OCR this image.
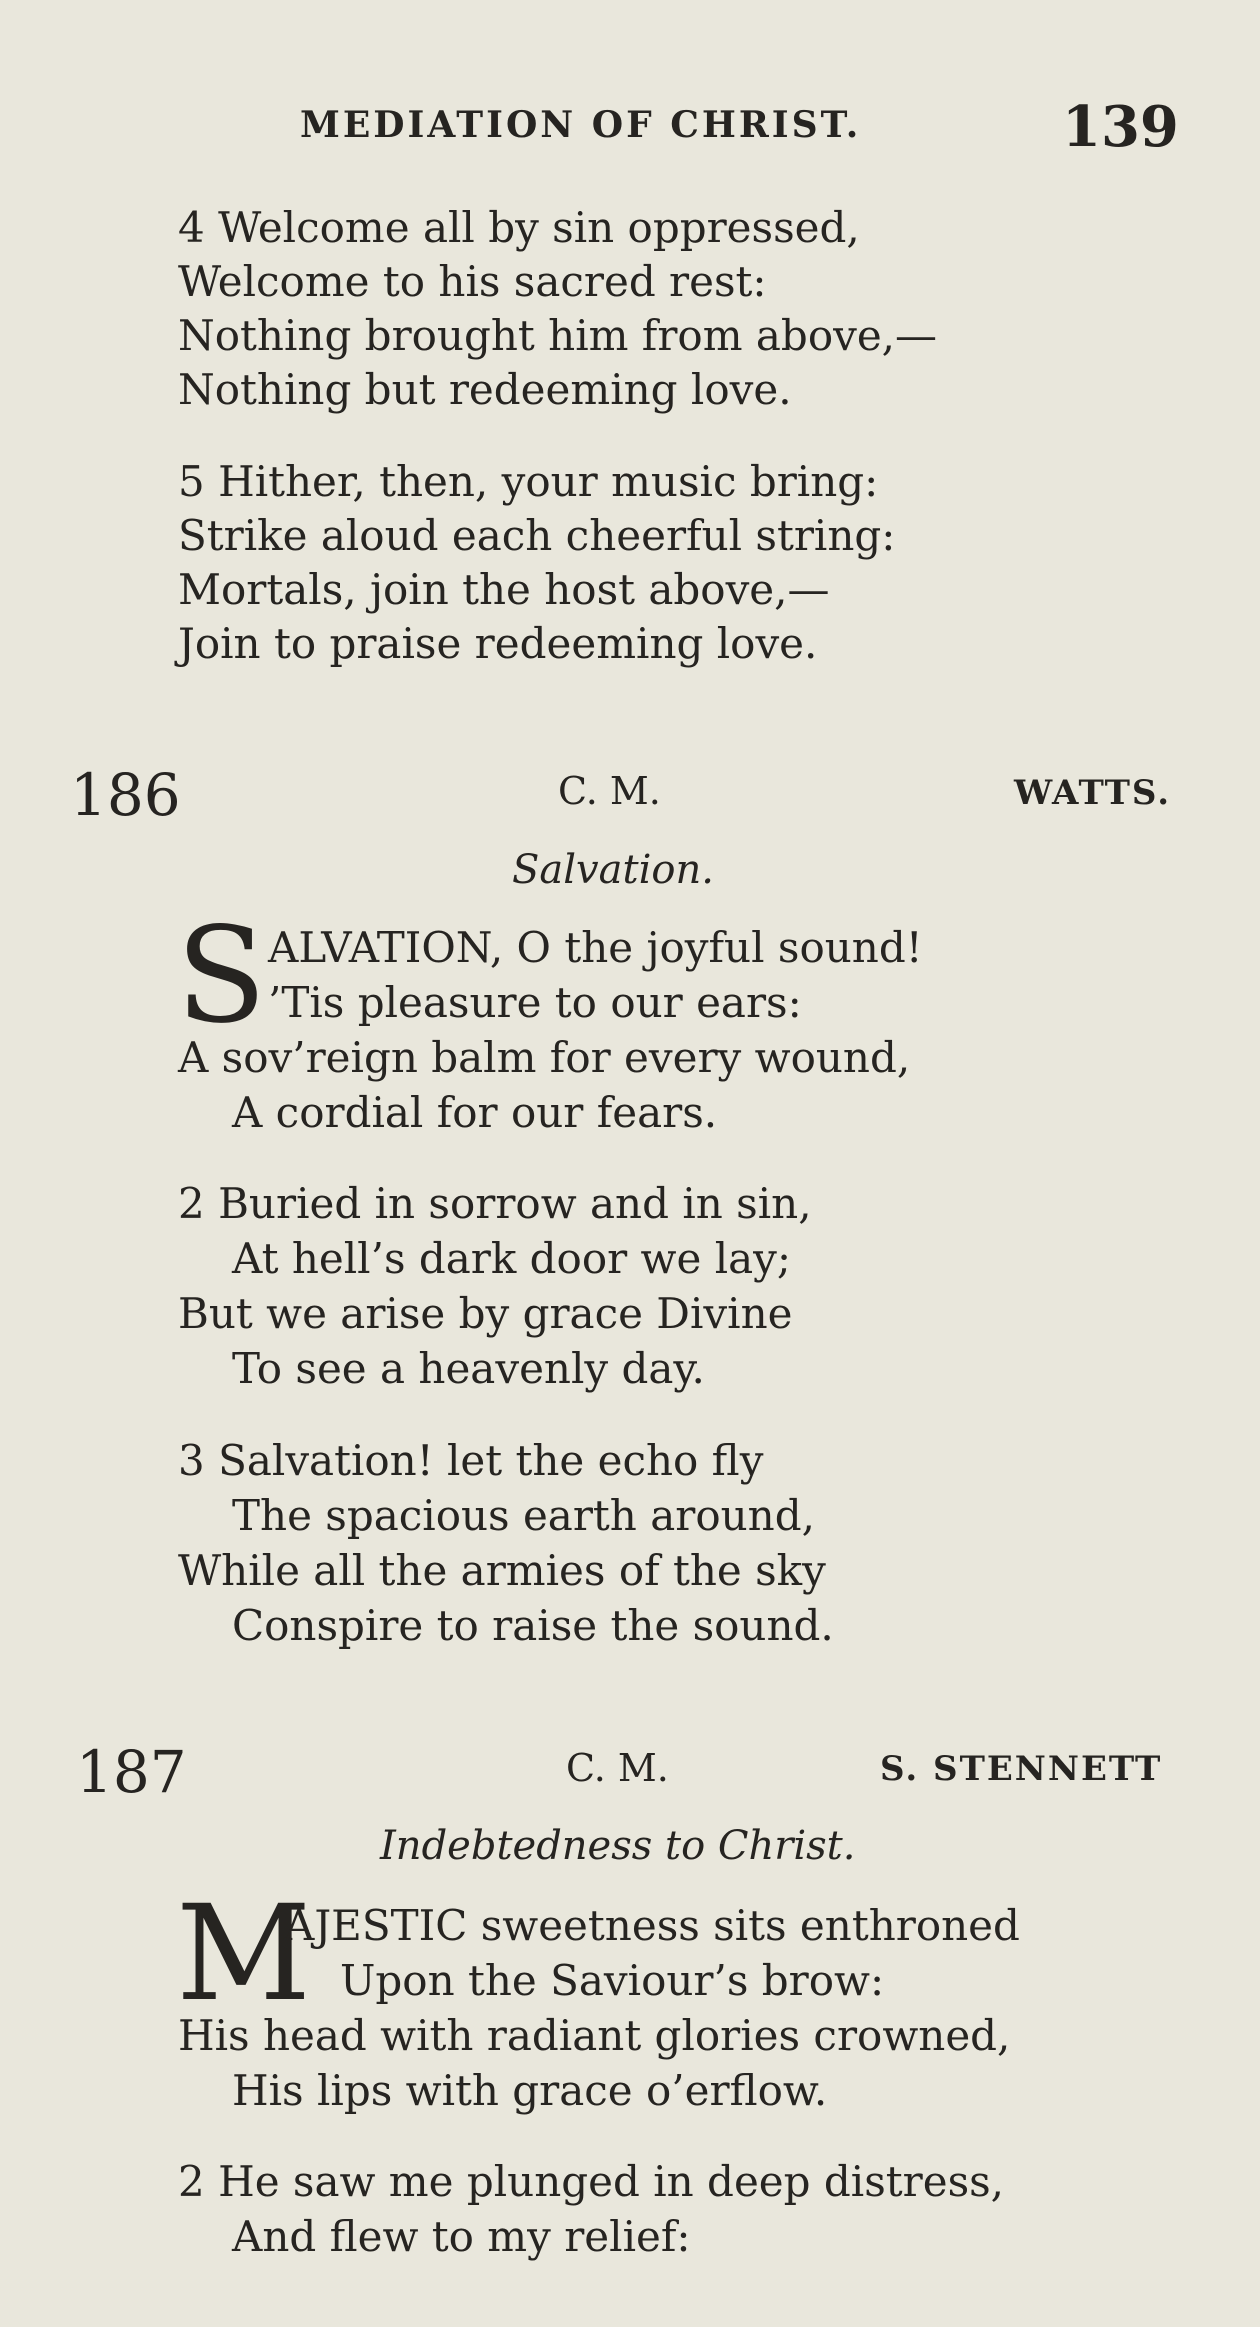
MEDIATION OF CHRIST.	139
4 Welcome all by sin oppressed,
Welcome to his sacred rest:
Nothing brought him from above,—
Nothing but redeeming love.
5 Hither, then, your music bring:
Strike aloud each cheerful string:
Mortals, join the host above,—
Join to praise redeeming love.
186	C. M.	WATTS.
Salvation.
S ALVATION, O the joyful sound!
’Tis pleasure to our ears:
A sov’reign balm for every wound,
A cordial for our fears.
2 Buried in sorrow and in sin,
At hell’s dark door we lay;
But we arise by grace Divine
To see a heavenly day.
3 Salvation! let the echo fly
The spacious earth around,
While all the armies of the sky
Conspire to raise the sound.
187	C. M.	S. STENNETT
Indebtedness to Christ.
M
AJESTIC sweetness sits enthroned
Upon the Saviour’s brow:
His head with radiant glories crowned,
His lips with grace o’erflow.
2 He saw me plunged in deep distress,
And flew to my relief:
